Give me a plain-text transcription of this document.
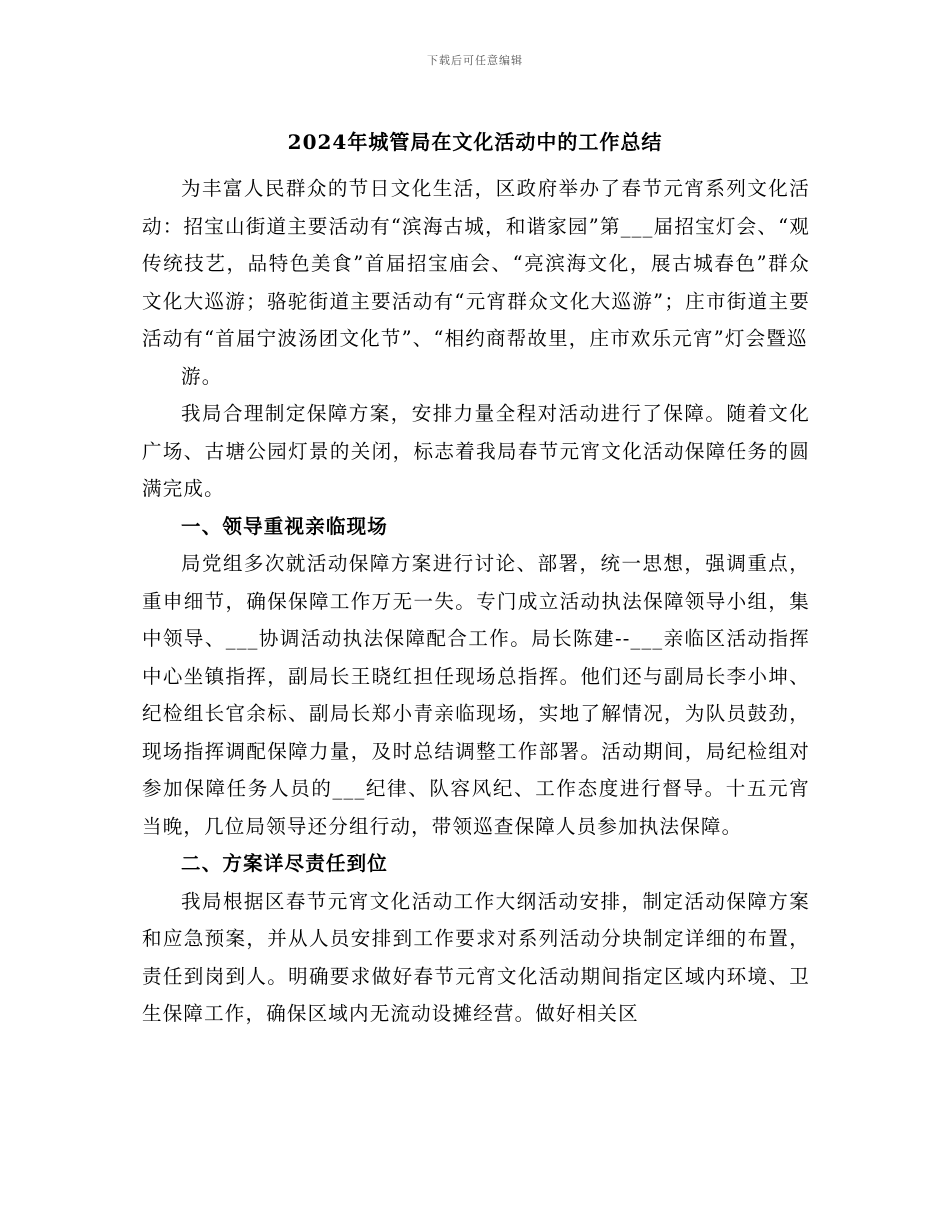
下载后可任意编辑
2024年城管局在文化活动中的工作总结

为丰富人民群众的节日文化生活，区政府举办了春节元宵系列文化活动：招宝山街道主要活动有“滨海古城，和谐家园”第___届招宝灯会、“观传统技艺，品特色美食”首届招宝庙会、“亮滨海文化，展古城春色”群众文化大巡游；骆驼街道主要活动有“元宵群众文化大巡游”；庄市街道主要活动有“首届宁波汤团文化节”、“相约商帮故里，庄市欢乐元宵”灯会暨巡

游。

我局合理制定保障方案，安排力量全程对活动进行了保障。随着文化广场、古塘公园灯景的关闭，标志着我局春节元宵文化活动保障任务的圆满完成。

一、领导重视亲临现场

局党组多次就活动保障方案进行讨论、部署，统一思想，强调重点，重申细节，确保保障工作万无一失。专门成立活动执法保障领导小组，集中领导、___协调活动执法保障配合工作。局长陈建--___亲临区活动指挥中心坐镇指挥，副局长王晓红担任现场总指挥。他们还与副局长李小坤、纪检组长官余标、副局长郑小青亲临现场，实地了解情况，为队员鼓劲，现场指挥调配保障力量，及时总结调整工作部署。活动期间，局纪检组对参加保障任务人员的___纪律、队容风纪、工作态度进行督导。十五元宵当晚，几位局领导还分组行动，带领巡查保障人员参加执法保障。

二、方案详尽责任到位

我局根据区春节元宵文化活动工作大纲活动安排，制定活动保障方案和应急预案，并从人员安排到工作要求对系列活动分块制定详细的布置，责任到岗到人。明确要求做好春节元宵文化活动期间指定区域内环境、卫生保障工作，确保区域内无流动设摊经营。做好相关区
